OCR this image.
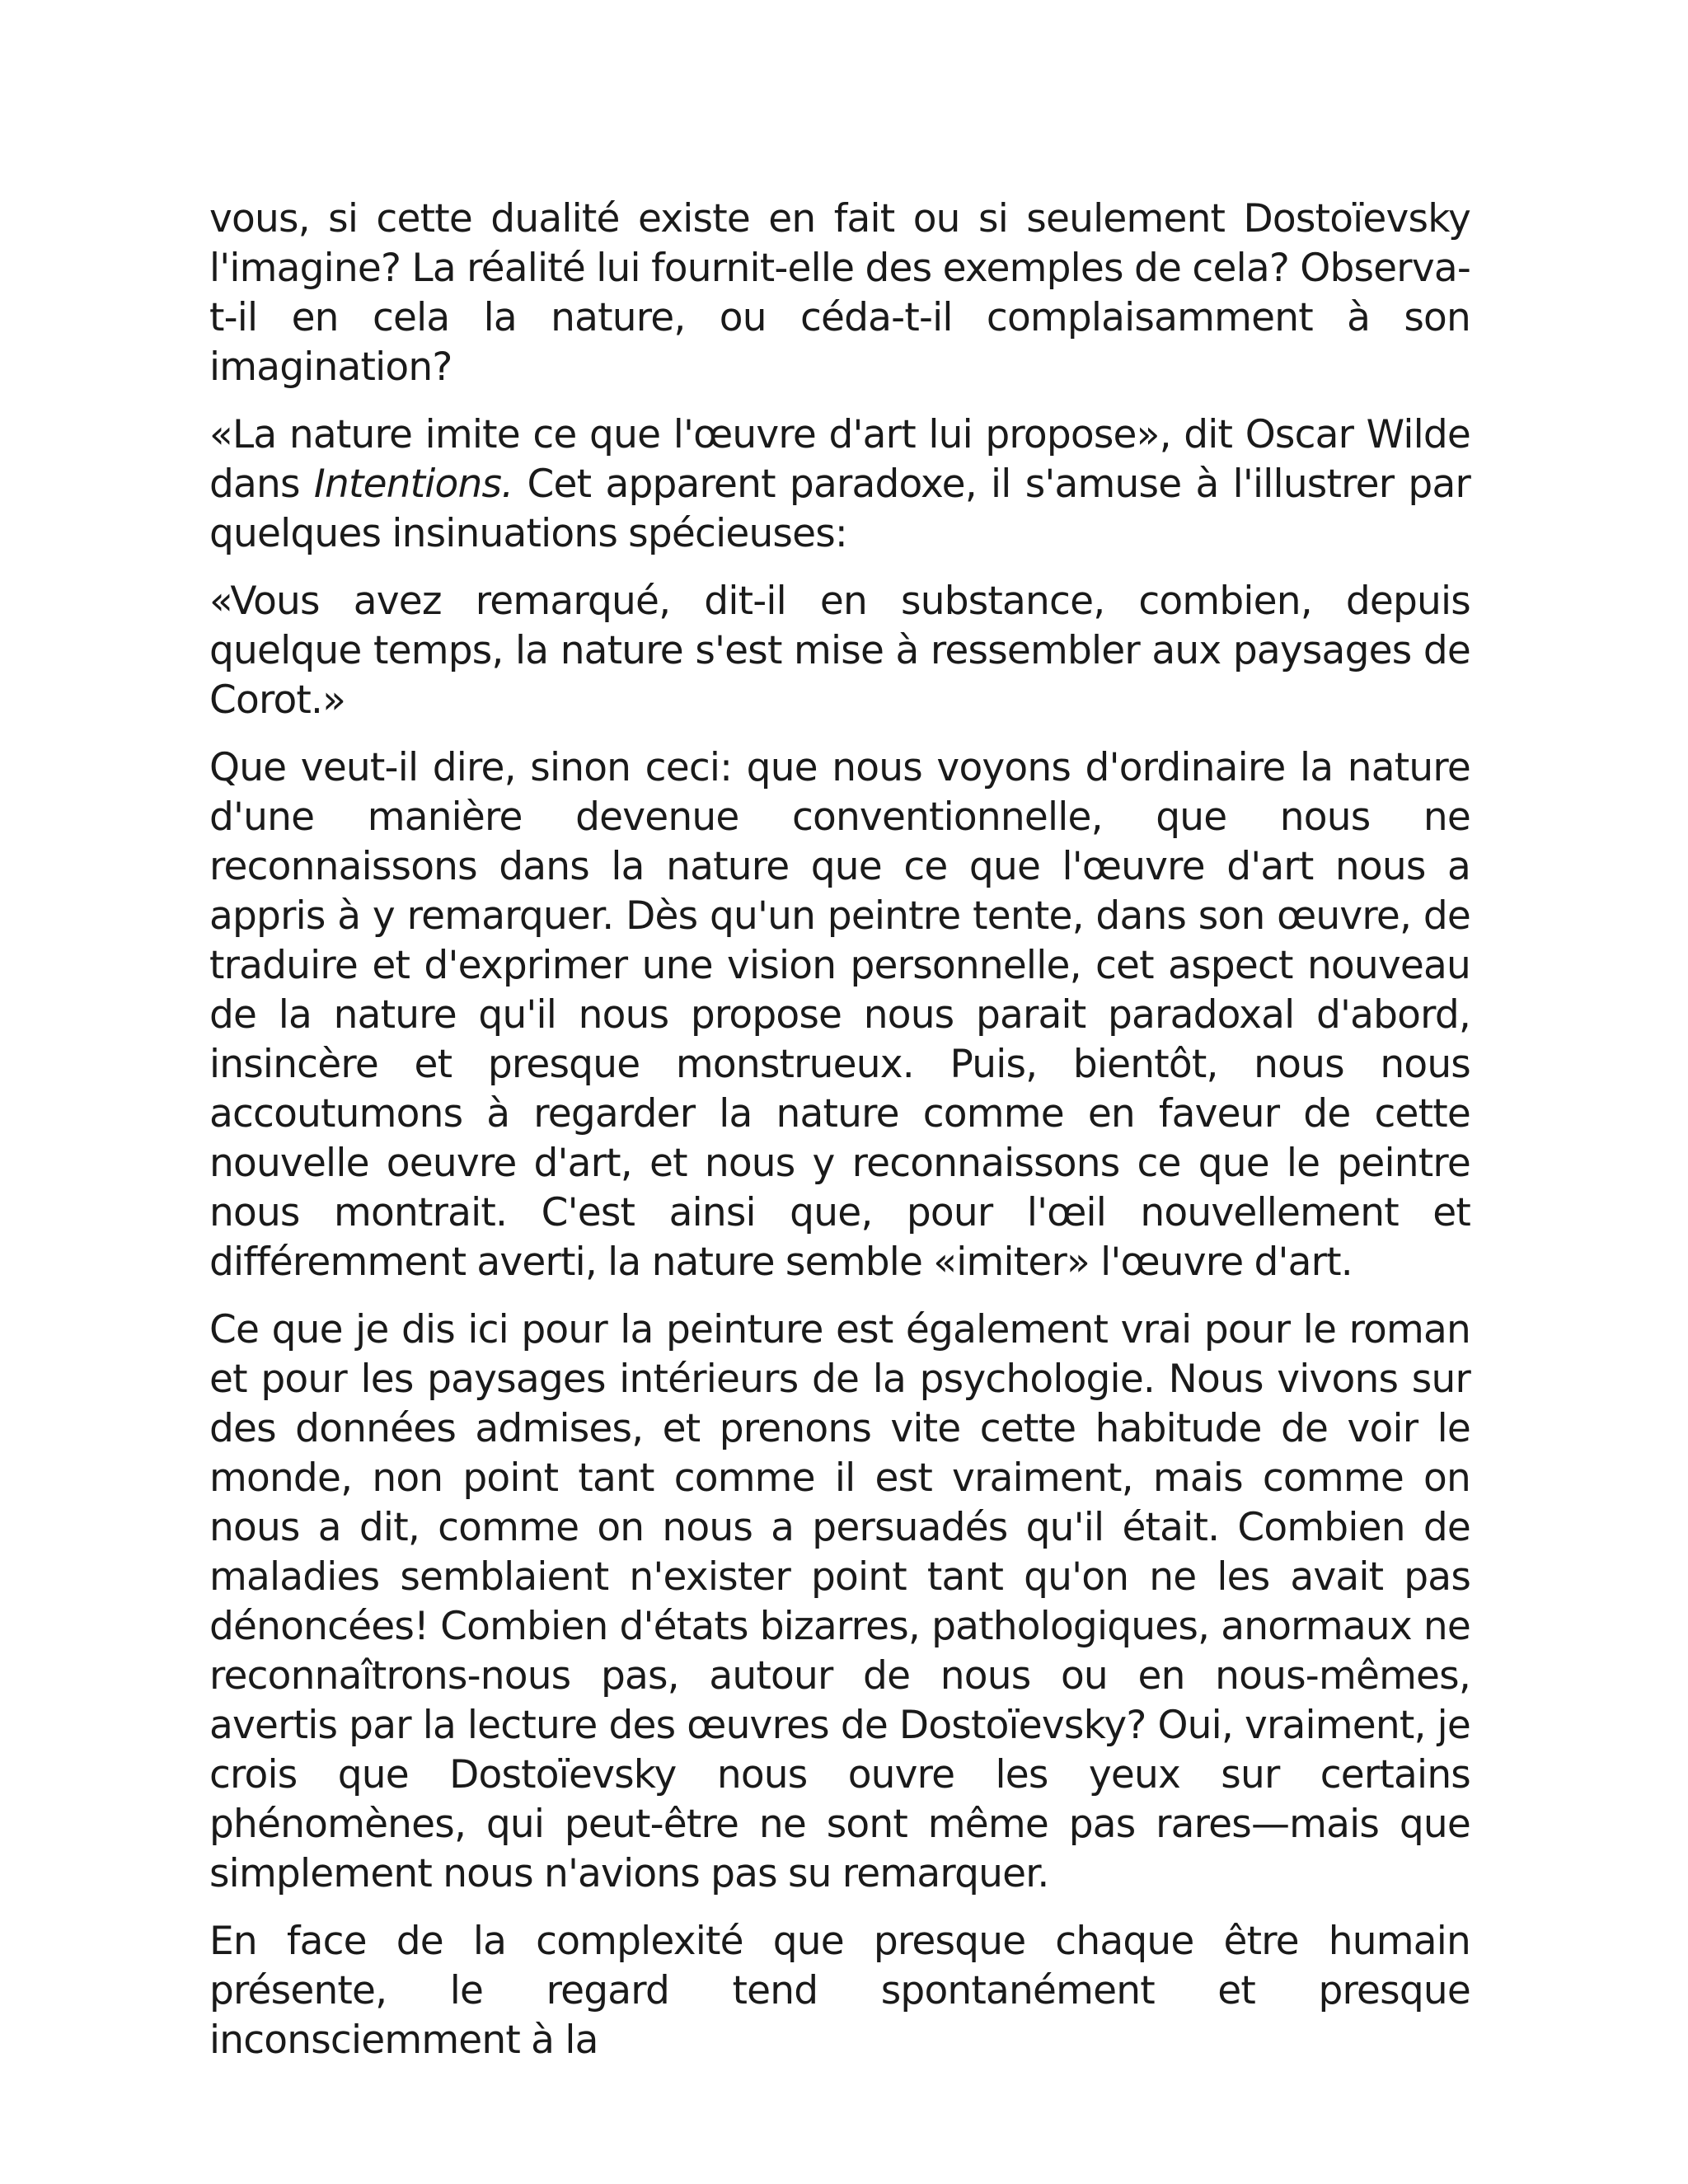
vous, si cette dualité existe en fait ou si seulement Dostoïevsky l'imagine? La réalité lui fournit-elle des exemples de cela? Observa-t-il en cela la nature, ou céda-t-il complaisamment à son imagination?

«La nature imite ce que l'œuvre d'art lui propose», dit Oscar Wilde dans Intentions. Cet apparent paradoxe, il s'amuse à l'illustrer par quelques insinuations spécieuses:

«Vous avez remarqué, dit-il en substance, combien, depuis quelque temps, la nature s'est mise à ressembler aux paysages de Corot.»

Que veut-il dire, sinon ceci: que nous voyons d'ordinaire la nature d'une manière devenue conventionnelle, que nous ne reconnaissons dans la nature que ce que l'œuvre d'art nous a appris à y remarquer. Dès qu'un peintre tente, dans son œuvre, de traduire et d'exprimer une vision personnelle, cet aspect nouveau de la nature qu'il nous propose nous parait paradoxal d'abord, insincère et presque monstrueux. Puis, bientôt, nous nous accoutumons à regarder la nature comme en faveur de cette nouvelle oeuvre d'art, et nous y reconnaissons ce que le peintre nous montrait. C'est ainsi que, pour l'œil nouvellement et différemment averti, la nature semble «imiter» l'œuvre d'art.

Ce que je dis ici pour la peinture est également vrai pour le roman et pour les paysages intérieurs de la psychologie. Nous vivons sur des données admises, et prenons vite cette habitude de voir le monde, non point tant comme il est vraiment, mais comme on nous a dit, comme on nous a persuadés qu'il était. Combien de maladies semblaient n'exister point tant qu'on ne les avait pas dénoncées! Combien d'états bizarres, pathologiques, anormaux ne reconnaîtrons-nous pas, autour de nous ou en nous-mêmes, avertis par la lecture des œuvres de Dostoïevsky? Oui, vraiment, je crois que Dostoïevsky nous ouvre les yeux sur certains phénomènes, qui peut-être ne sont même pas rares—mais que simplement nous n'avions pas su remarquer.

En face de la complexité que presque chaque être humain présente, le regard tend spontanément et presque inconsciemment à la
